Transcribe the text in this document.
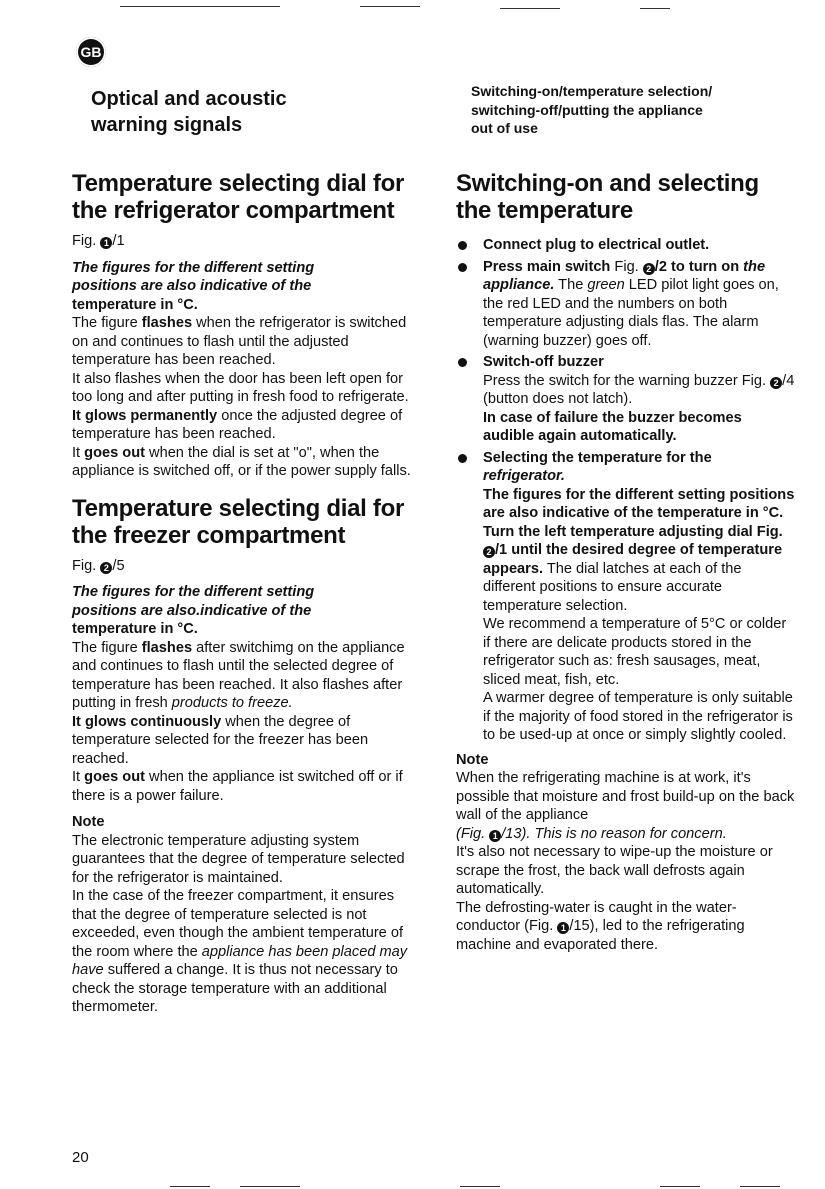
GB
Optical and acoustic
warning signals
Switching-on/temperature selection/
switching-off/putting the appliance
out of use
Temperature selecting dial for
the refrigerator compartment

Fig. 1 /1

The figures for the different setting
positions are also indicative of the
temperature in °C.

The figure flashes when the refrigerator is switched on and continues to flash until the adjusted temperature has been reached.

It also flashes when the door has been left open for too long and after putting in fresh food to refrigerate.

It glows permanently once the adjusted degree of temperature has been reached.

It goes out when the dial is set at "o", when the appliance is switched off, or if the power supply falls.

Temperature selecting dial for
the freezer compartment

Fig. 2 /5

The figures for the different setting
positions are also.indicative of the
temperature in °C.

The figure flashes after switchimg on the appliance and continues to flash until the selected degree of temperature has been reached. It also flashes after putting in fresh products to freeze.

It glows continuously when the degree of temperature selected for the freezer has been reached.

It goes out when the appliance ist switched off or if there is a power failure.

Note

The electronic temperature adjusting system guarantees that the degree of temperature selected for the refrigerator is maintained.

In the case of the freezer compartment, it ensures that the degree of temperature selected is not exceeded, even though the ambient temperature of the room where the appliance has been placed may have suffered a change. It is thus not necessary to check the storage temperature with an additional thermometer.

Switching-on and selecting
the temperature
Connect plug to electrical outlet.
Press main switch Fig. 2 /2 to turn on the appliance. The green LED pilot light goes on, the red LED and the numbers on both temperature adjusting dials flas. The alarm (warning buzzer) goes off.
Switch-off buzzer
Press the switch for the warning buzzer Fig. 2 /4 (button does not latch).
In case of failure the buzzer becomes audible again automatically.
Selecting the temperature for the
refrigerator.
The figures for the different setting positions are also indicative of the temperature in °C.
Turn the left temperature adjusting dial Fig. 2 /1 until the desired degree of temperature appears. The dial latches at each of the different positions to ensure accurate temperature selection.
We recommend a temperature of 5°C or colder if there are delicate products stored in the refrigerator such as: fresh sausages, meat, sliced meat, fish, etc.
A warmer degree of temperature is only suitable if the majority of food stored in the refrigerator is to be used-up at once or simply slightly cooled.

Note

When the refrigerating machine is at work, it's possible that moisture and frost build-up on the back wall of the appliance

(Fig. 1 /13). This is no reason for concern.

It's also not necessary to wipe-up the moisture or scrape the frost, the back wall defrosts again automatically.

The defrosting-water is caught in the water-conductor (Fig. 1 /15), led to the refrigerating machine and evaporated there.

20
